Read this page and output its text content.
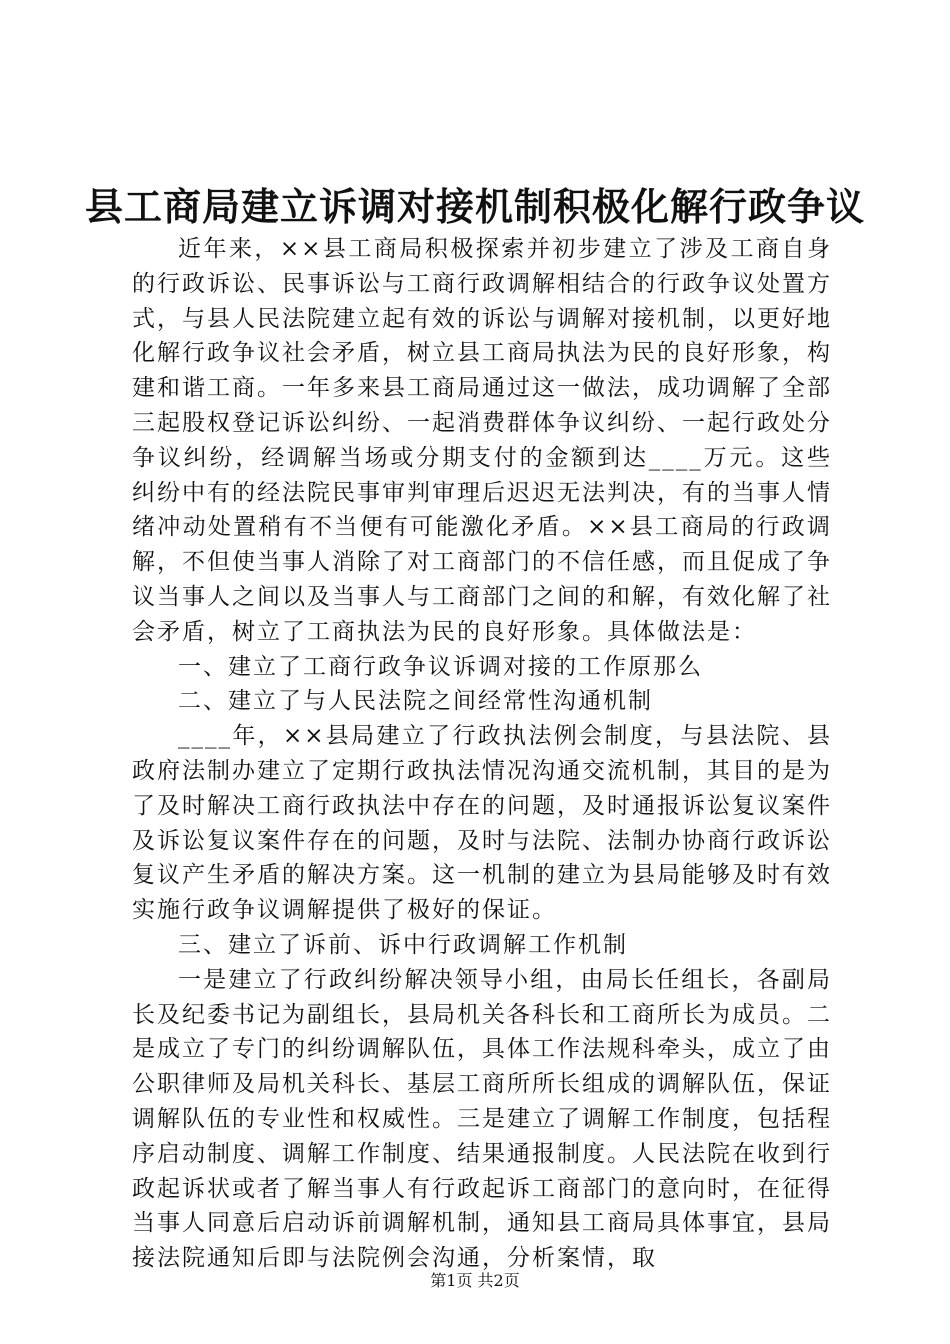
县工商局建立诉调对接机制积极化解行政争议

近年来，××县工商局积极探索并初步建立了涉及工商自身的行政诉讼、民事诉讼与工商行政调解相结合的行政争议处置方式，与县人民法院建立起有效的诉讼与调解对接机制，以更好地化解行政争议社会矛盾，树立县工商局执法为民的良好形象，构建和谐工商。一年多来县工商局通过这一做法，成功调解了全部三起股权登记诉讼纠纷、一起消费群体争议纠纷、一起行政处分争议纠纷，经调解当场或分期支付的金额到达____万元。这些纠纷中有的经法院民事审判审理后迟迟无法判决，有的当事人情绪冲动处置稍有不当便有可能激化矛盾。××县工商局的行政调解，不但使当事人消除了对工商部门的不信任感，而且促成了争议当事人之间以及当事人与工商部门之间的和解，有效化解了社会矛盾，树立了工商执法为民的良好形象。具体做法是：

一、建立了工商行政争议诉调对接的工作原那么

二、建立了与人民法院之间经常性沟通机制

____年，××县局建立了行政执法例会制度，与县法院、县政府法制办建立了定期行政执法情况沟通交流机制，其目的是为了及时解决工商行政执法中存在的问题，及时通报诉讼复议案件及诉讼复议案件存在的问题，及时与法院、法制办协商行政诉讼复议产生矛盾的解决方案。这一机制的建立为县局能够及时有效实施行政争议调解提供了极好的保证。

三、建立了诉前、诉中行政调解工作机制

一是建立了行政纠纷解决领导小组，由局长任组长，各副局长及纪委书记为副组长，县局机关各科长和工商所长为成员。二是成立了专门的纠纷调解队伍，具体工作法规科牵头，成立了由公职律师及局机关科长、基层工商所所长组成的调解队伍，保证调解队伍的专业性和权威性。三是建立了调解工作制度，包括程序启动制度、调解工作制度、结果通报制度。人民法院在收到行政起诉状或者了解当事人有行政起诉工商部门的意向时，在征得当事人同意后启动诉前调解机制，通知县工商局具体事宜，县局接法院通知后即与法院例会沟通，分析案情，取

第1页 共2页
